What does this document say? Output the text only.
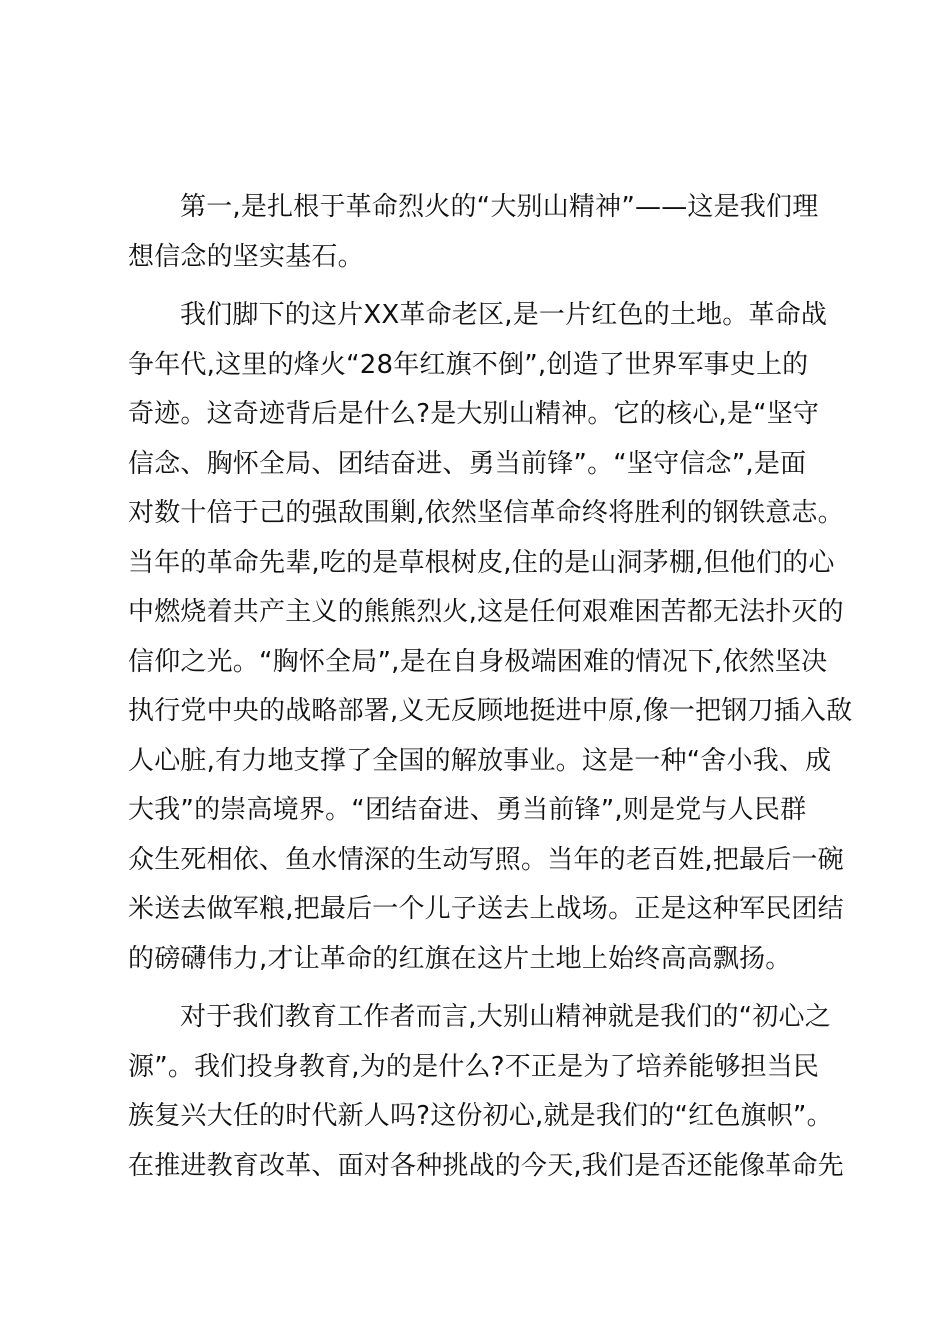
第一,是扎根于革命烈火的“大别山精神”——这是我们理
想信念的坚实基石。
我们脚下的这片XX革命老区,是一片红色的土地。革命战
争年代,这里的烽火“28年红旗不倒”,创造了世界军事史上的
奇迹。这奇迹背后是什么?是大别山精神。它的核心,是“坚守
信念、胸怀全局、团结奋进、勇当前锋”。“坚守信念”,是面
对数十倍于己的强敌围剿,依然坚信革命终将胜利的钢铁意志。
当年的革命先辈,吃的是草根树皮,住的是山洞茅棚,但他们的心
中燃烧着共产主义的熊熊烈火,这是任何艰难困苦都无法扑灭的
信仰之光。“胸怀全局”,是在自身极端困难的情况下,依然坚决
执行党中央的战略部署,义无反顾地挺进中原,像一把钢刀插入敌
人心脏,有力地支撑了全国的解放事业。这是一种“舍小我、成
大我”的崇高境界。“团结奋进、勇当前锋”,则是党与人民群
众生死相依、鱼水情深的生动写照。当年的老百姓,把最后一碗
米送去做军粮,把最后一个儿子送去上战场。正是这种军民团结
的磅礴伟力,才让革命的红旗在这片土地上始终高高飘扬。
对于我们教育工作者而言,大别山精神就是我们的“初心之
源”。我们投身教育,为的是什么?不正是为了培养能够担当民
族复兴大任的时代新人吗?这份初心,就是我们的“红色旗帜”。
在推进教育改革、面对各种挑战的今天,我们是否还能像革命先
